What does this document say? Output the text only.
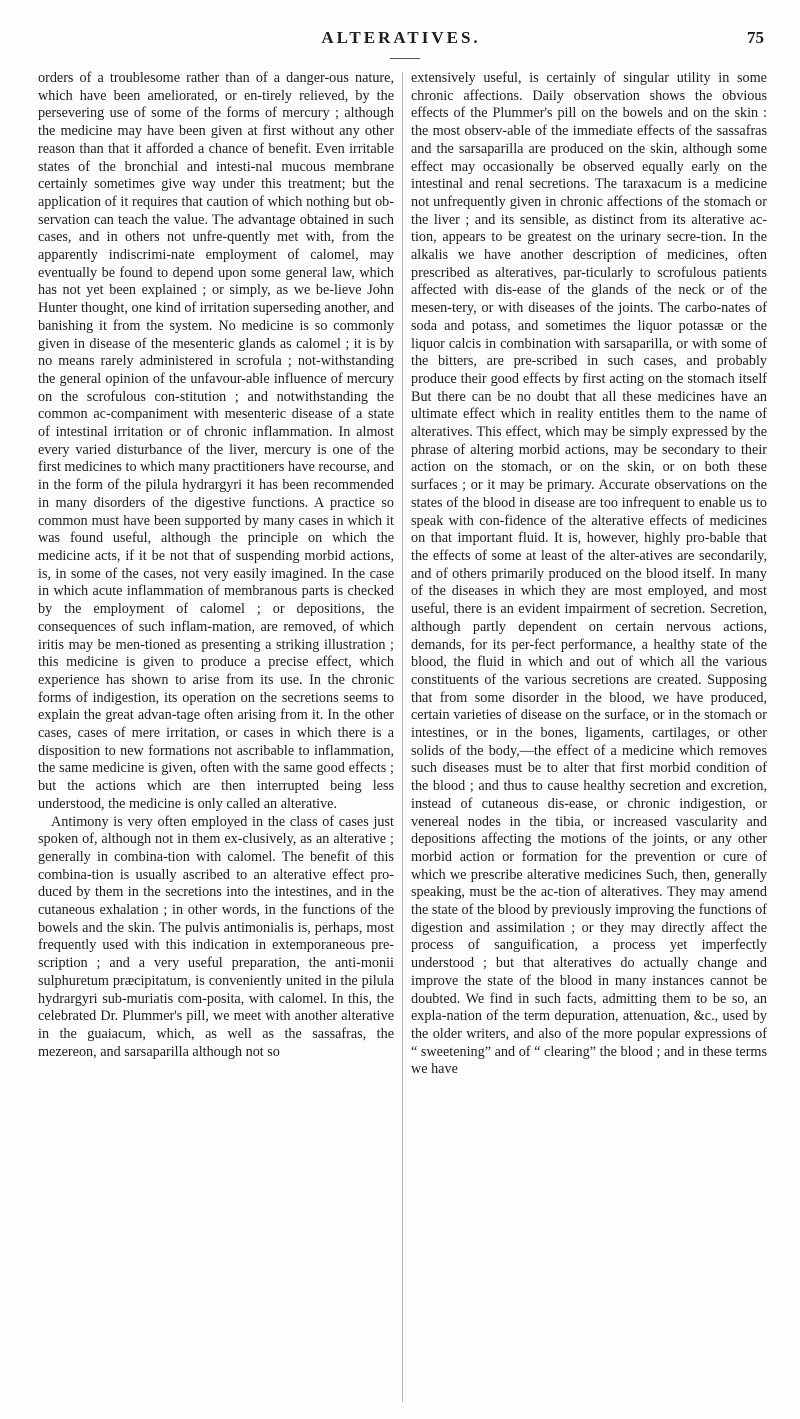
ALTERATIVES.	75

orders of a troublesome rather than of a danger-ous nature, which have been ameliorated, or en-tirely relieved, by the persevering use of some of the forms of mercury ; although the medicine may have been given at first without any other reason than that it afforded a chance of benefit. Even irritable states of the bronchial and intesti-nal mucous membrane certainly sometimes give way under this treatment; but the application of it requires that caution of which nothing but ob-servation can teach the value. The advantage obtained in such cases, and in others not unfre-quently met with, from the apparently indiscrimi-nate employment of calomel, may eventually be found to depend upon some general law, which has not yet been explained ; or simply, as we be-lieve John Hunter thought, one kind of irritation superseding another, and banishing it from the system. No medicine is so commonly given in disease of the mesenteric glands as calomel ; it is by no means rarely administered in scrofula ; not-withstanding the general opinion of the unfavour-able influence of mercury on the scrofulous con-stitution ; and notwithstanding the common ac-companiment with mesenteric disease of a state of intestinal irritation or of chronic inflammation. In almost every varied disturbance of the liver, mercury is one of the first medicines to which many practitioners have recourse, and in the form of the pilula hydrargyri it has been recommended in many disorders of the digestive functions. A practice so common must have been supported by many cases in which it was found useful, although the principle on which the medicine acts, if it be not that of suspending morbid actions, is, in some of the cases, not very easily imagined. In the case in which acute inflammation of membranous parts is checked by the employment of calomel ; or depositions, the consequences of such inflam-mation, are removed, of which iritis may be men-tioned as presenting a striking illustration ; this medicine is given to produce a precise effect, which experience has shown to arise from its use. In the chronic forms of indigestion, its operation on the secretions seems to explain the great advan-tage often arising from it. In the other cases, cases of mere irritation, or cases in which there is a disposition to new formations not ascribable to inflammation, the same medicine is given, often with the same good effects ; but the actions which are then interrupted being less understood, the medicine is only called an alterative.

Antimony is very often employed in the class of cases just spoken of, although not in them ex-clusively, as an alterative ; generally in combina-tion with calomel. The benefit of this combina-tion is usually ascribed to an alterative effect pro-duced by them in the secretions into the intestines, and in the cutaneous exhalation ; in other words, in the functions of the bowels and the skin. The pulvis antimonialis is, perhaps, most frequently used with this indication in extemporaneous pre-scription ; and a very useful preparation, the anti-monii sulphuretum præcipitatum, is conveniently united in the pilula hydrargyri sub-muriatis com-posita, with calomel. In this, the celebrated Dr. Plummer's pill, we meet with another alterative in the guaiacum, which, as well as the sassafras, the mezereon, and sarsaparilla although not so

extensively useful, is certainly of singular utility in some chronic affections. Daily observation shows the obvious effects of the Plummer's pill on the bowels and on the skin : the most observ-able of the immediate effects of the sassafras and the sarsaparilla are produced on the skin, although some effect may occasionally be observed equally early on the intestinal and renal secretions. The taraxacum is a medicine not unfrequently given in chronic affections of the stomach or the liver ; and its sensible, as distinct from its alterative ac-tion, appears to be greatest on the urinary secre-tion. In the alkalis we have another description of medicines, often prescribed as alteratives, par-ticularly to scrofulous patients affected with dis-ease of the glands of the neck or of the mesen-tery, or with diseases of the joints. The carbo-nates of soda and potass, and sometimes the liquor potassæ or the liquor calcis in combination with sarsaparilla, or with some of the bitters, are pre-scribed in such cases, and probably produce their good effects by first acting on the stomach itself But there can be no doubt that all these medicines have an ultimate effect which in reality entitles them to the name of alteratives. This effect, which may be simply expressed by the phrase of altering morbid actions, may be secondary to their action on the stomach, or on the skin, or on both these surfaces ; or it may be primary. Accurate observations on the states of the blood in disease are too infrequent to enable us to speak with con-fidence of the alterative effects of medicines on that important fluid. It is, however, highly pro-bable that the effects of some at least of the alter-atives are secondarily, and of others primarily produced on the blood itself. In many of the diseases in which they are most employed, and most useful, there is an evident impairment of secretion. Secretion, although partly dependent on certain nervous actions, demands, for its per-fect performance, a healthy state of the blood, the fluid in which and out of which all the various constituents of the various secretions are created. Supposing that from some disorder in the blood, we have produced, certain varieties of disease on the surface, or in the stomach or intestines, or in the bones, ligaments, cartilages, or other solids of the body,—the effect of a medicine which removes such diseases must be to alter that first morbid condition of the blood ; and thus to cause healthy secretion and excretion, instead of cutaneous dis-ease, or chronic indigestion, or venereal nodes in the tibia, or increased vascularity and depositions affecting the motions of the joints, or any other morbid action or formation for the prevention or cure of which we prescribe alterative medicines Such, then, generally speaking, must be the ac-tion of alteratives. They may amend the state of the blood by previously improving the functions of digestion and assimilation ; or they may directly affect the process of sanguification, a process yet imperfectly understood ; but that alteratives do actually change and improve the state of the blood in many instances cannot be doubted. We find in such facts, admitting them to be so, an expla-nation of the term depuration, attenuation, &c., used by the older writers, and also of the more popular expressions of “ sweetening” and of “ clearing” the blood ; and in these terms we have
